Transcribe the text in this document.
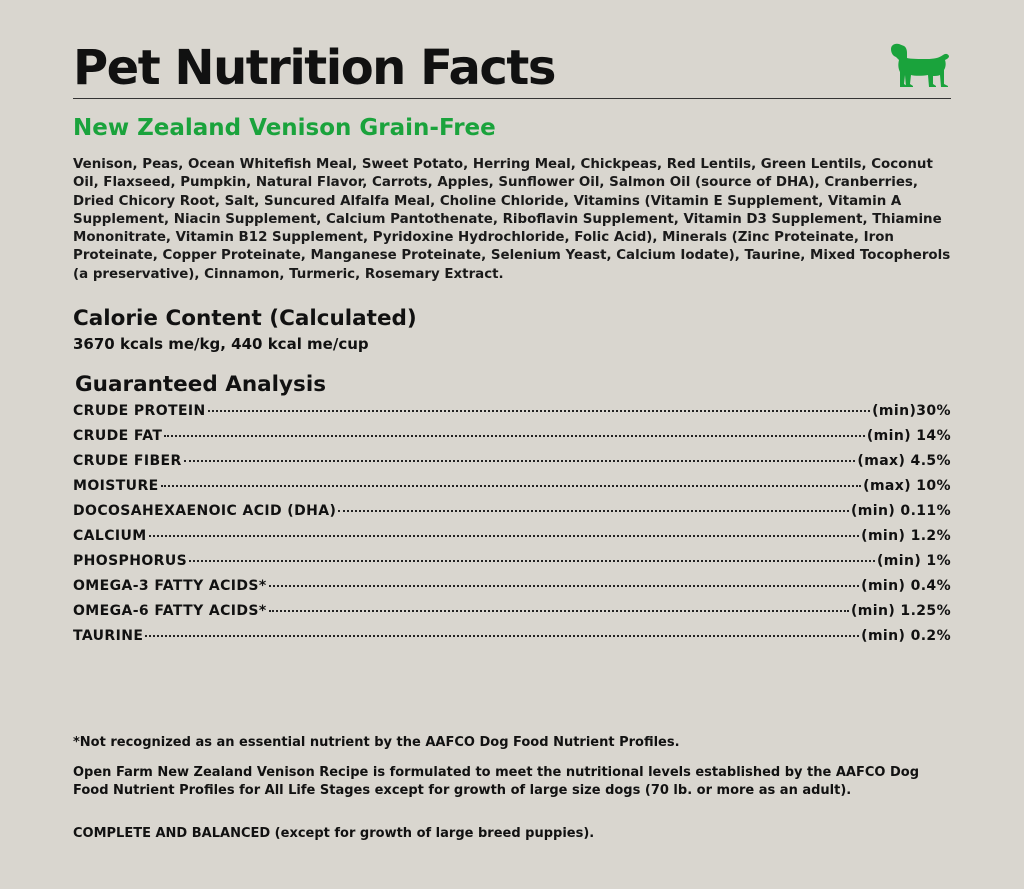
Pet Nutrition Facts
New Zealand Venison Grain-Free
Venison, Peas, Ocean Whitefish Meal, Sweet Potato, Herring Meal, Chickpeas, Red Lentils, Green Lentils, Coconut Oil, Flaxseed, Pumpkin, Natural Flavor, Carrots, Apples, Sunflower Oil, Salmon Oil (source of DHA), Cranberries, Dried Chicory Root, Salt, Suncured Alfalfa Meal, Choline Chloride, Vitamins (Vitamin E Supplement, Vitamin A Supplement, Niacin Supplement, Calcium Pantothenate, Riboflavin Supplement, Vitamin D3 Supplement, Thiamine Mononitrate, Vitamin B12 Supplement, Pyridoxine Hydrochloride, Folic Acid), Minerals (Zinc Proteinate, Iron Proteinate, Copper Proteinate, Manganese Proteinate, Selenium Yeast, Calcium Iodate), Taurine, Mixed Tocopherols (a preservative), Cinnamon, Turmeric, Rosemary Extract.
Calorie Content (Calculated)
3670 kcals me/kg, 440 kcal me/cup
Guaranteed Analysis
CRUDE PROTEIN	(min)30%
CRUDE FAT	(min) 14%
CRUDE FIBER	(max) 4.5%
MOISTURE	(max) 10%
DOCOSAHEXAENOIC ACID (DHA)	(min) 0.11%
CALCIUM	(min) 1.2%
PHOSPHORUS	(min) 1%
OMEGA-3 FATTY ACIDS*	(min) 0.4%
OMEGA-6 FATTY ACIDS*	(min) 1.25%
TAURINE	(min) 0.2%
*Not recognized as an essential nutrient by the AAFCO Dog Food Nutrient Profiles.
Open Farm New Zealand Venison Recipe is formulated to meet the nutritional levels established by the AAFCO Dog Food Nutrient Profiles for All Life Stages except for growth of large size dogs (70 lb. or more as an adult).
COMPLETE AND BALANCED (except for growth of large breed puppies).
